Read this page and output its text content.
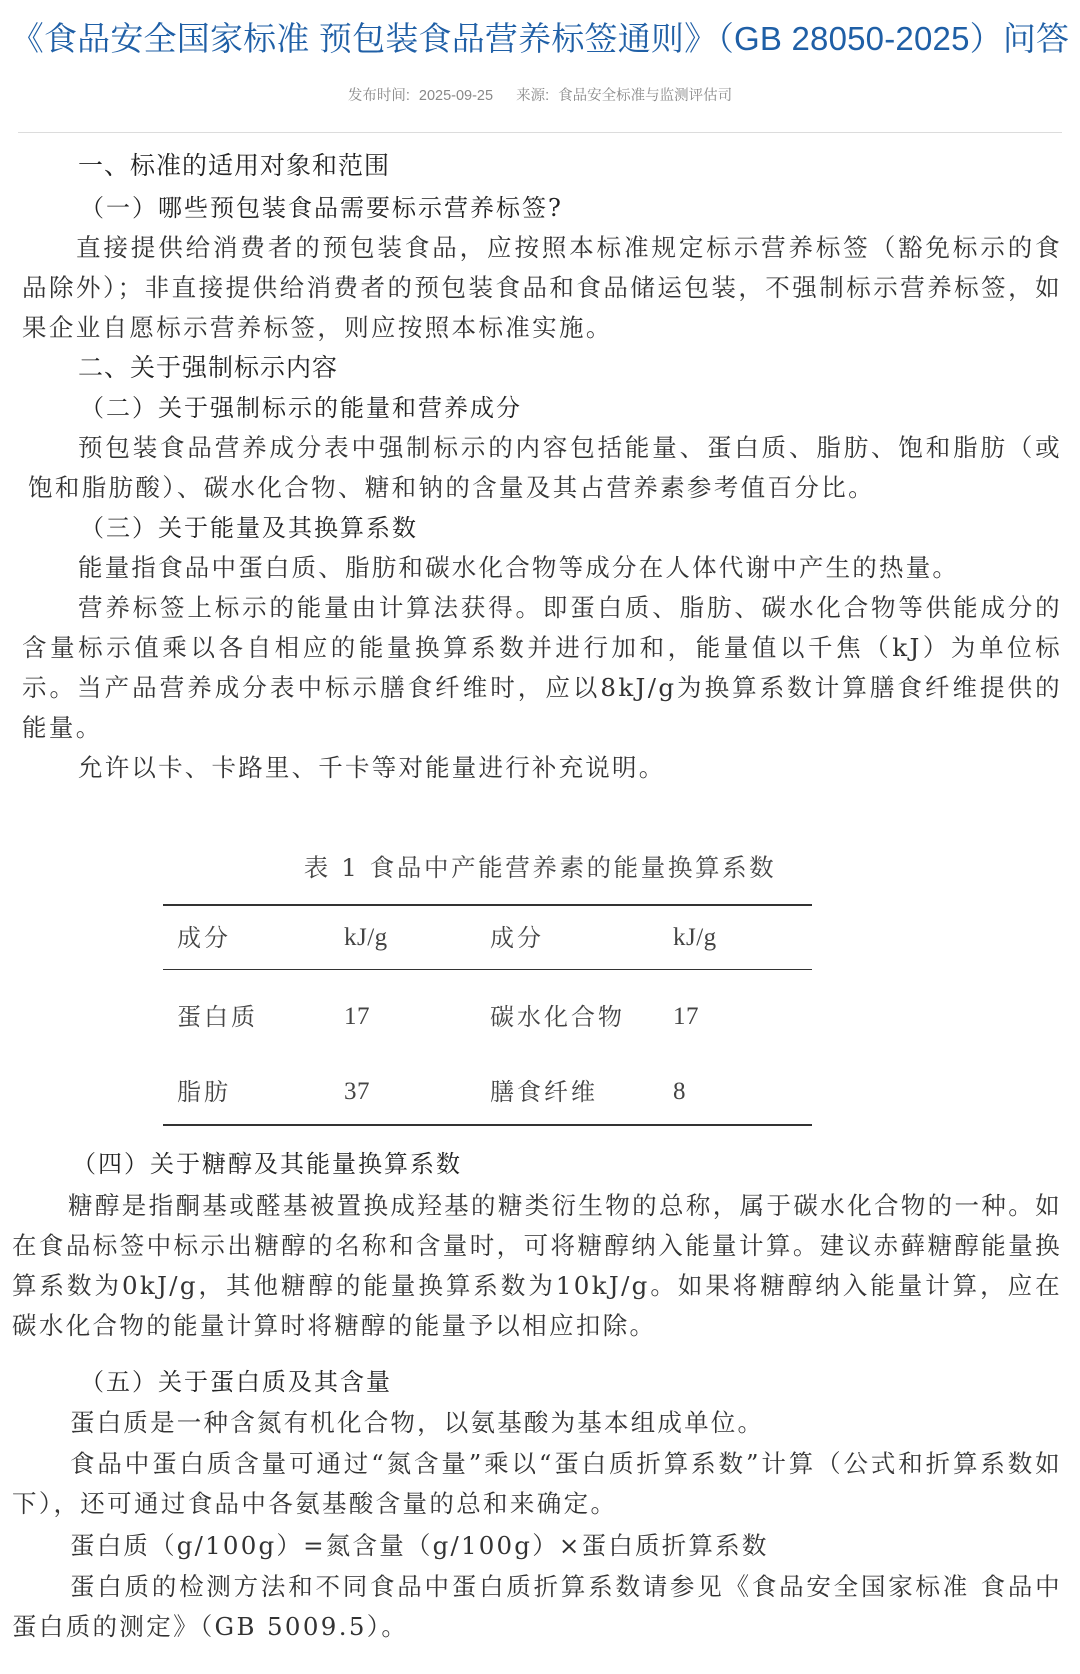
《食品安全国家标准 预包装食品营养标签通则》（GB 28050-2025）问答
发布时间: 2025-09-25 来源: 食品安全标准与监测评估司
一、标准的适用对象和范围
（一）哪些预包装食品需要标示营养标签?

直接提供给消费者的预包装食品，应按照本标准规定标示营养标签（豁免标示的食品除外）；非直接提供给消费者的预包装食品和食品储运包装，不强制标示营养标签，如果企业自愿标示营养标签，则应按照本标准实施。

二、关于强制标示内容
（二）关于强制标示的能量和营养成分

预包装食品营养成分表中强制标示的内容包括能量、蛋白质、脂肪、饱和脂肪（或饱和脂肪酸）、碳水化合物、糖和钠的含量及其占营养素参考值百分比。

（三）关于能量及其换算系数
能量指食品中蛋白质、脂肪和碳水化合物等成分在人体代谢中产生的热量。

营养标签上标示的能量由计算法获得。即蛋白质、脂肪、碳水化合物等供能成分的含量标示值乘以各自相应的能量换算系数并进行加和，能量值以千焦（kJ）为单位标示。当产品营养成分表中标示膳食纤维时，应以8kJ/g为换算系数计算膳食纤维提供的能量。

允许以卡、卡路里、千卡等对能量进行补充说明。
表 1 食品中产能营养素的能量换算系数
成分	kJ/g	成分	kJ/g
蛋白质	17	碳水化合物 17
脂肪	37	膳食纤维	8
（四）关于糖醇及其能量换算系数

糖醇是指酮基或醛基被置换成羟基的糖类衍生物的总称，属于碳水化合物的一种。如在食品标签中标示出糖醇的名称和含量时，可将糖醇纳入能量计算。建议赤藓糖醇能量换算系数为0kJ/g，其他糖醇的能量换算系数为10kJ/g。如果将糖醇纳入能量计算，应在碳水化合物的能量计算时将糖醇的能量予以相应扣除。

（五）关于蛋白质及其含量
蛋白质是一种含氮有机化合物，以氨基酸为基本组成单位。

食品中蛋白质含量可通过“氮含量”乘以“蛋白质折算系数”计算（公式和折算系数如下），还可通过食品中各氨基酸含量的总和来确定。

蛋白质（g/100g）=氮含量（g/100g）×蛋白质折算系数

蛋白质的检测方法和不同食品中蛋白质折算系数请参见《食品安全国家标准 食品中蛋白质的测定》（GB 5009.5）。
